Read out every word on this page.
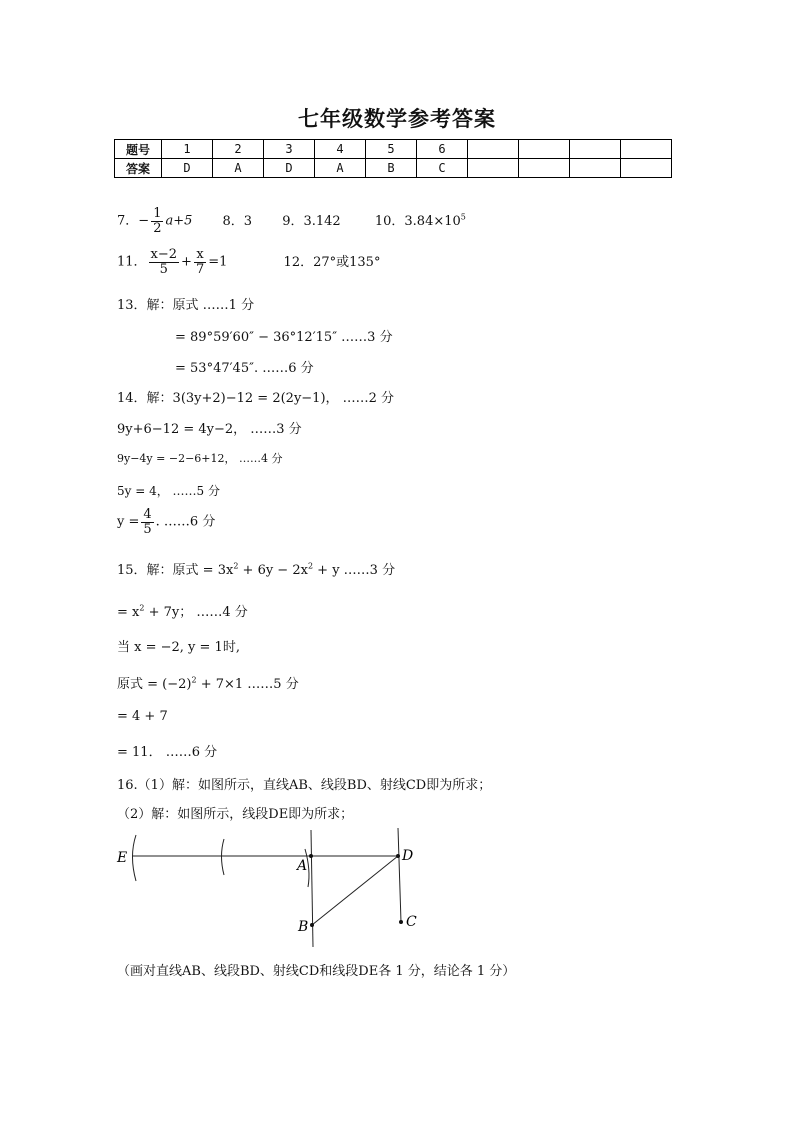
七年级数学参考答案
题号	1	2	3	4	5	6				
答案	D	A	D	A	B	C				
7．− $\frac{1}{2} a+5$ 8．3 9．3.142	10．$3.84\times 10^5$
11． $\frac{x-2}{5} + \frac{x}{7} =1$	12．27°或135°
13．解：原式 ……1 分
= 89°59′60″ − 36°12′15″ ……3 分
= 53°47′45″. ……6 分
14．解：3(3y+2)−12 = 2(2y−1)， ……2 分
9y+6−12 = 4y−2， ……3 分
9y−4y = −2−6+12， ……4 分
5y = 4， ……5 分
$y = \frac{4}{5}$ . ……6 分
15．解：原式 = $3x^2 + 6y - 2x^2 + y$ ……3 分
= $x^2 + 7y$； ……4 分
当 x = −2, y = 1时,
原式 = $(-2)^2 + 7\times 1$ ……5 分
= 4 + 7
= 11． ……6 分
16.（1）解：如图所示，直线AB、线段BD、射线CD即为所求；
（2）解：如图所示，线段DE即为所求；
E	A
D
B	C
（画对直线AB、线段BD、射线CD和线段DE各 1 分，结论各 1 分）
